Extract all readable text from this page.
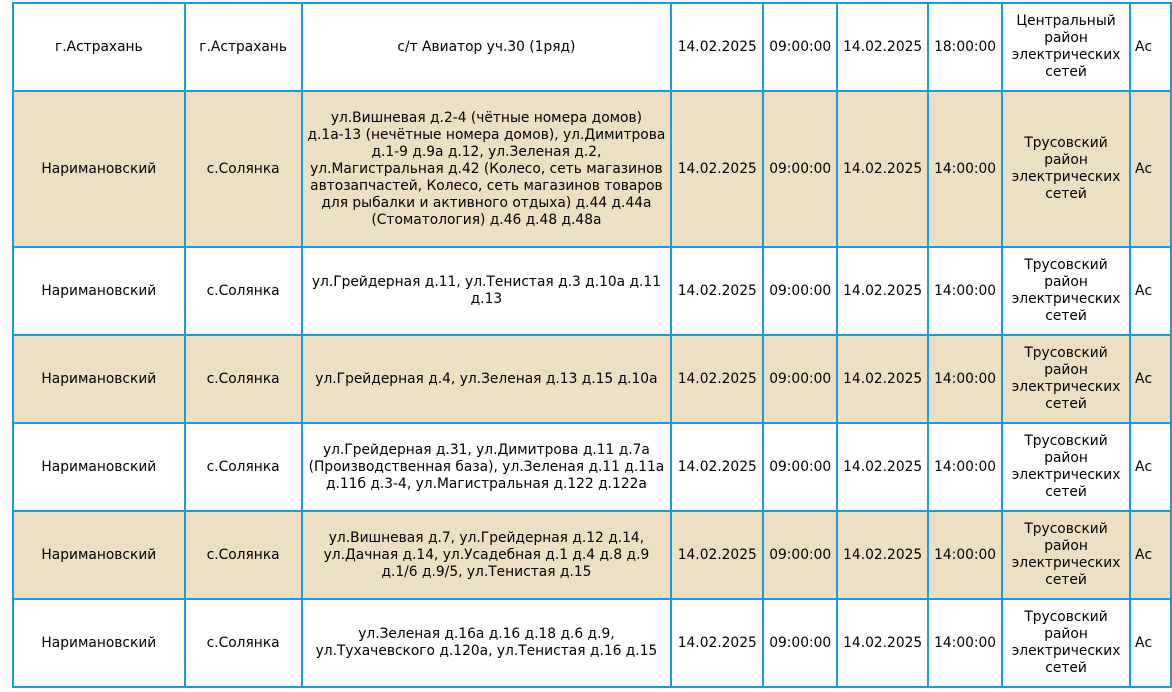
г.Астрахань	г.Астрахань	с/т Авиатор уч.30 (1ряд)	14.02.2025	09:00:00	14.02.2025	18:00:00	Центральный район электрических сетей	Ас
Наримановский	с.Солянка	ул.Вишневая д.2-4 (чётные номера домов) д.1а-13 (нечётные номера домов), ул.Димитрова д.1-9 д.9а д.12, ул.Зеленая д.2, ул.Магистральная д.42 (Колесо, сеть магазинов автозапчастей, Колесо, сеть магазинов товаров для рыбалки и активного отдыха) д.44 д.44а (Стоматология) д.46 д.48 д.48а	14.02.2025	09:00:00	14.02.2025	14:00:00	Трусовский район электрических сетей	Ас
Наримановский	с.Солянка	ул.Грейдерная д.11, ул.Тенистая д.3 д.10а д.11 д.13	14.02.2025	09:00:00	14.02.2025	14:00:00	Трусовский район электрических сетей	Ас
Наримановский	с.Солянка	ул.Грейдерная д.4, ул.Зеленая д.13 д.15 д.10а	14.02.2025	09:00:00	14.02.2025	14:00:00	Трусовский район электрических сетей	Ас
Наримановский	с.Солянка	ул.Грейдерная д.31, ул.Димитрова д.11 д.7а (Производственная база), ул.Зеленая д.11 д.11а д.11б д.3-4, ул.Магистральная д.122 д.122а	14.02.2025	09:00:00	14.02.2025	14:00:00	Трусовский район электрических сетей	Ас
Наримановский	с.Солянка	ул.Вишневая д.7, ул.Грейдерная д.12 д.14, ул.Дачная д.14, ул.Усадебная д.1 д.4 д.8 д.9 д.1/6 д.9/5, ул.Тенистая д.15	14.02.2025	09:00:00	14.02.2025	14:00:00	Трусовский район электрических сетей	Ас
Наримановский	с.Солянка	ул.Зеленая д.16а д.16 д.18 д.6 д.9, ул.Тухачевского д.120а, ул.Тенистая д.16 д.15	14.02.2025	09:00:00	14.02.2025	14:00:00	Трусовский район электрических сетей	Ас
